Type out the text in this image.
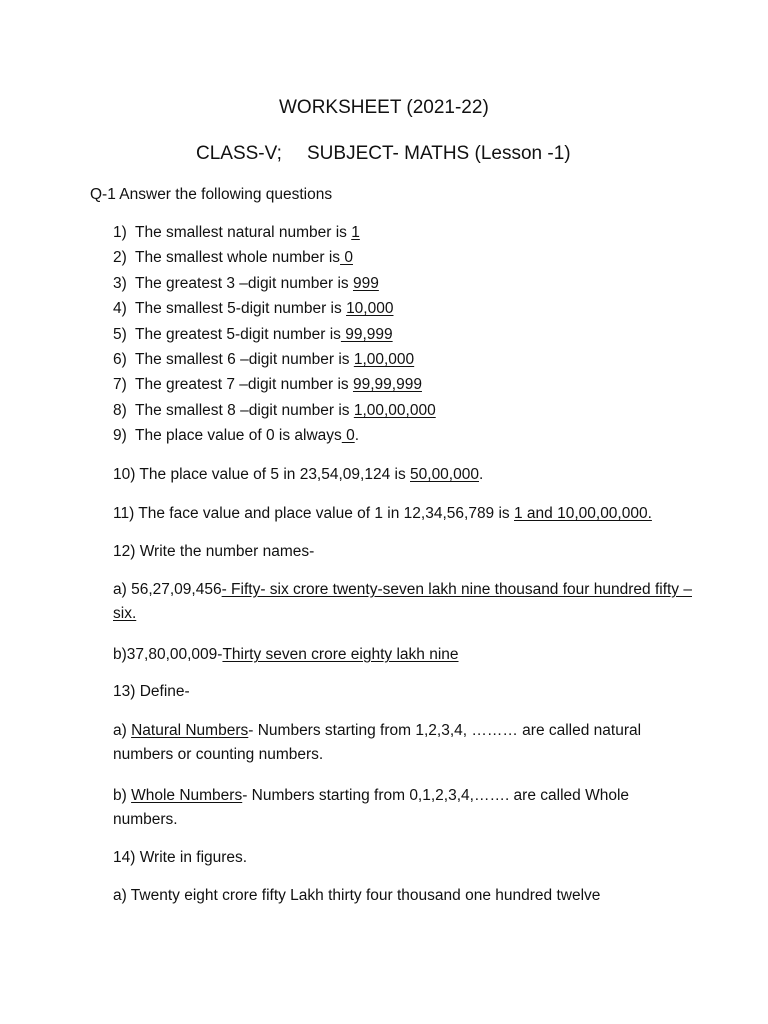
WORKSHEET (2021-22)
CLASS-V; SUBJECT- MATHS (Lesson -1)
Q-1 Answer the following questions
1) The smallest natural number is 1
2) The smallest whole number is 0
3) The greatest 3 –digit number is 999
4) The smallest 5-digit number is 10,000
5) The greatest 5-digit number is 99,999
6) The smallest 6 –digit number is 1,00,000
7) The greatest 7 –digit number is 99,99,999
8) The smallest 8 –digit number is 1,00,00,000
9) The place value of 0 is always 0.
10) The place value of 5 in 23,54,09,124 is 50,00,000.
11) The face value and place value of 1 in 12,34,56,789 is 1 and 10,00,00,000.
12) Write the number names-
a) 56,27,09,456- Fifty- six crore twenty-seven lakh nine thousand four hundred fifty –six.
b)37,80,00,009-Thirty seven crore eighty lakh nine
13) Define-
a) Natural Numbers- Numbers starting from 1,2,3,4, ……… are called natural numbers or counting numbers.
b) Whole Numbers- Numbers starting from 0,1,2,3,4,……. are called Whole numbers.
14) Write in figures.
a) Twenty eight crore fifty Lakh thirty four thousand one hundred twelve
